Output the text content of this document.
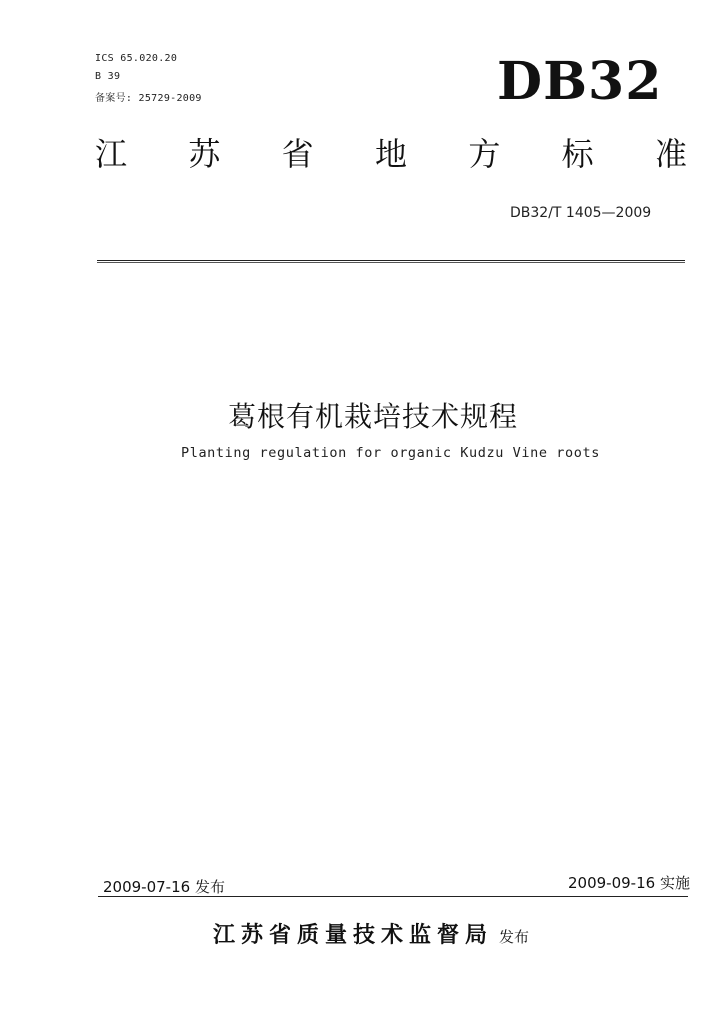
ICS 65.020.20
B 39
备案号: 25729-2009	DB32
江 苏 省 地 方 标 准
DB32/T 1405—2009
葛根有机栽培技术规程
Planting regulation for organic Kudzu Vine roots
2009-07-16 发布	2009-09-16 实施
江苏省质量技术监督局 发布
